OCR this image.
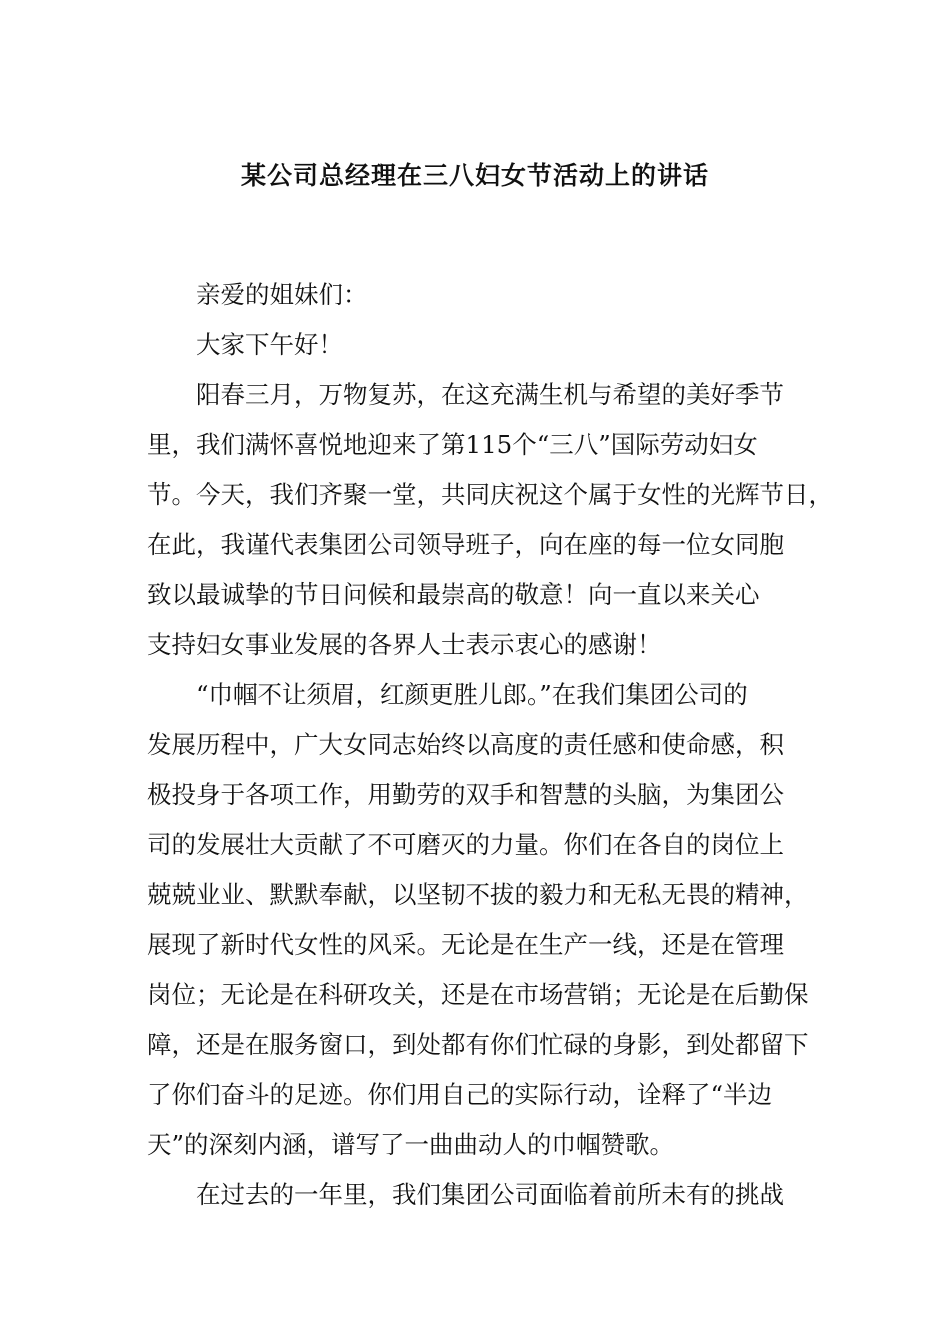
某公司总经理在三八妇女节活动上的讲话

亲爱的姐妹们：

大家下午好！

阳春三月，万物复苏，在这充满生机与希望的美好季节
里，我们满怀喜悦地迎来了第115个“三八”国际劳动妇女
节。今天，我们齐聚一堂，共同庆祝这个属于女性的光辉节日，
在此，我谨代表集团公司领导班子，向在座的每一位女同胞
致以最诚挚的节日问候和最崇高的敬意！向一直以来关心
支持妇女事业发展的各界人士表示衷心的感谢！

“巾帼不让须眉，红颜更胜儿郎。”在我们集团公司的
发展历程中，广大女同志始终以高度的责任感和使命感，积
极投身于各项工作，用勤劳的双手和智慧的头脑，为集团公
司的发展壮大贡献了不可磨灭的力量。你们在各自的岗位上
兢兢业业、默默奉献，以坚韧不拔的毅力和无私无畏的精神，
展现了新时代女性的风采。无论是在生产一线，还是在管理
岗位；无论是在科研攻关，还是在市场营销；无论是在后勤保
障，还是在服务窗口，到处都有你们忙碌的身影，到处都留下
了你们奋斗的足迹。你们用自己的实际行动，诠释了“半边
天”的深刻内涵，谱写了一曲曲动人的巾帼赞歌。

在过去的一年里，我们集团公司面临着前所未有的挑战
